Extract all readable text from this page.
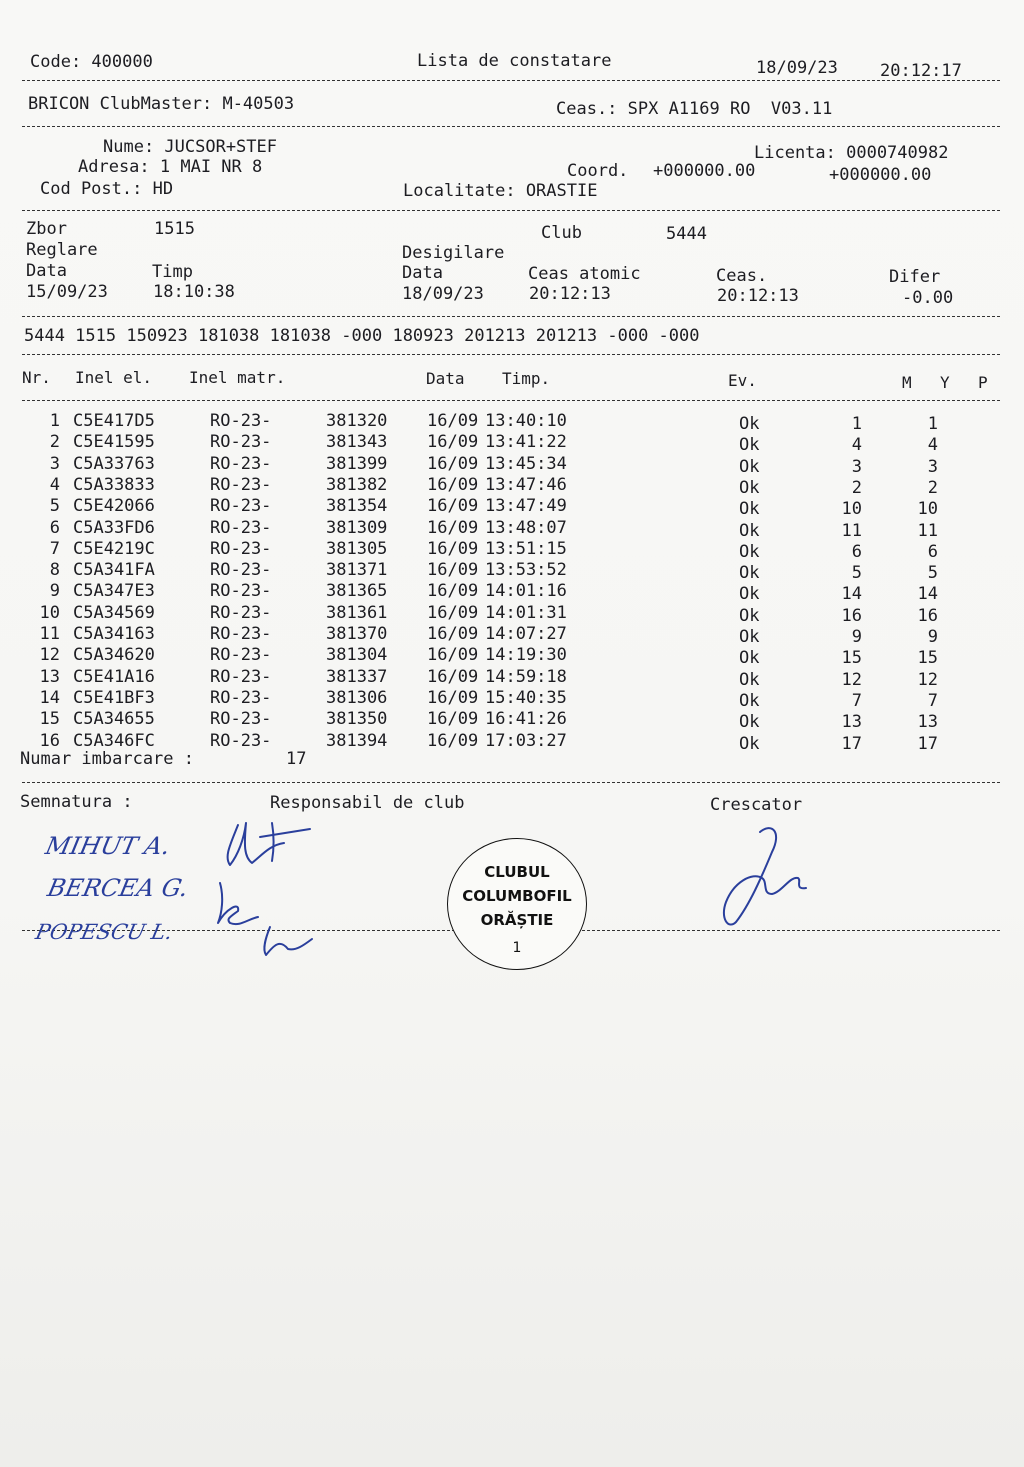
Code: 400000	Lista de constatare	18/09/23 20:12:17
BRICON ClubMaster: M-40503	Ceas.: SPX A1169 RO  V03.11
Nume: JUCSOR+STEF
Adresa: 1 MAI NR 8
Cod Post.: HD
Licenta: 0000740982
Coord. +000000.00	+000000.00
Localitate: ORASTIE
Zbor	1515	Club	5444
Reglare	Desigilare
Data	Timp	Data	Ceas atomic	Ceas.	Difer
15/09/23	18:10:38	18/09/23	20:12:13	20:12:13	-0.00
5444 1515 150923 181038 181038 -000 180923 201213 201213 -000 -000
Nr. Inel el. Inel matr.	Data Timp.	Ev.	M Y P
1 C5E417D5	RO-23-	381320 16/09 13:40:10	Ok	1	1
2 C5E41595	RO-23-	381343 16/09 13:41:22	Ok	4	4
3 C5A33763	RO-23-	381399 16/09 13:45:34	Ok	3	3
4 C5A33833	RO-23-	381382 16/09 13:47:46	Ok	2	2
5 C5E42066	RO-23-	381354 16/09 13:47:49	Ok	10	10
6 C5A33FD6	RO-23-	381309 16/09 13:48:07	Ok	11	11
7 C5E4219C	RO-23-	381305 16/09 13:51:15	Ok	6	6
8 C5A341FA	RO-23-	381371 16/09 13:53:52	Ok	5	5
9 C5A347E3	RO-23-	381365 16/09 14:01:16	Ok	14	14
10 C5A34569	RO-23-	381361 16/09 14:01:31	Ok	16	16
11 C5A34163	RO-23-	381370 16/09 14:07:27	Ok	9	9
12 C5A34620	RO-23-	381304 16/09 14:19:30	Ok	15	15
13 C5E41A16	RO-23-	381337 16/09 14:59:18	Ok	12	12
14 C5E41BF3	RO-23-	381306 16/09 15:40:35	Ok	7	7
15 C5A34655	RO-23-	381350 16/09 16:41:26	Ok	13	13
16 C5A346FC	RO-23-	381394 16/09 17:03:27	Ok	17	17
Numar imbarcare :	17
Semnatura :	Responsabil de club	Crescator
MIHUT A.
BERCEA G.
POPESCU L.
CLUBUL
COLUMBOFIL
ORĂȘTIE
1
